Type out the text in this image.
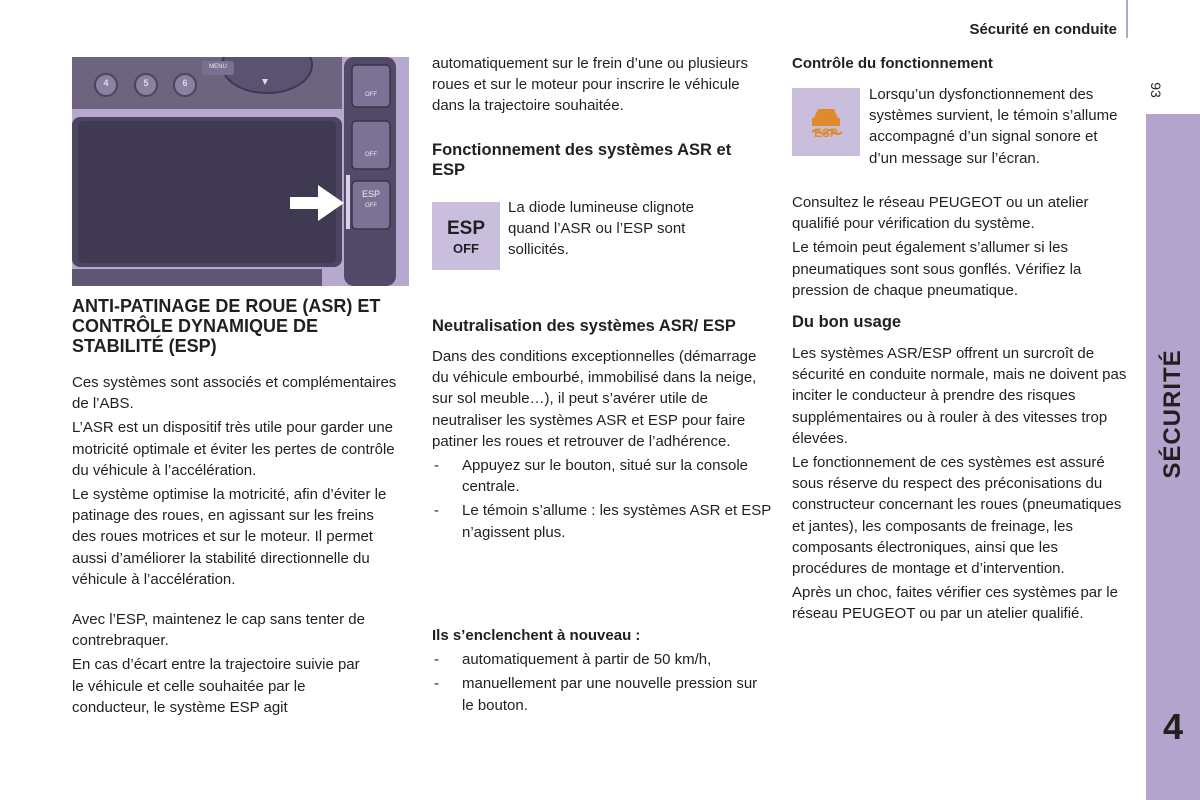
Sécurité en conduite
93
SÉCURITÉ
4
4	5	6
MENU
OFF
OFF
ESP
OFF
ANTI-PATINAGE DE ROUE (ASR) ET CONTRÔLE DYNAMIQUE DE STABILITÉ (ESP)

Ces systèmes sont associés et complémentaires de l’ABS.

L’ASR est un dispositif très utile pour garder une motricité optimale et éviter les pertes de contrôle du véhicule à l’accélération.

Le système optimise la motricité, afin d’éviter le patinage des roues, en agissant sur les freins des roues motrices et sur le moteur. Il permet aussi d’améliorer la stabilité directionnelle du véhicule à l’accélération.

Avec l’ESP, maintenez le cap sans tenter de contrebraquer.

En cas d’écart entre la trajectoire suivie par le véhicule et celle souhaitée par le conducteur, le système ESP agit

automatiquement sur le frein d’une ou plusieurs roues et sur le moteur pour inscrire le véhicule dans la trajectoire souhaitée.

Fonctionnement des systèmes ASR et ESP
ESP
OFF

La diode lumineuse clignote quand l’ASR ou l’ESP sont sollicités.

Neutralisation des systèmes ASR/ ESP

Dans des conditions exceptionnelles (démarrage du véhicule embourbé, immobilisé dans la neige, sur sol meuble…), il peut s’avérer utile de neutraliser les systèmes ASR et ESP pour faire patiner les roues et retrouver de l’adhérence.

- Appuyez sur le bouton, situé sur la console centrale.
- Le témoin s’allume : les systèmes ASR et ESP n’agissent plus.

Ils s’enclenchent à nouveau :

- automatiquement à partir de 50 km/h,
- manuellement par une nouvelle pression sur le bouton.
Contrôle du fonctionnement
ESP

Lorsqu’un dysfonctionnement des systèmes survient, le témoin s’allume accompagné d’un signal sonore et d’un message sur l’écran.

Consultez le réseau PEUGEOT ou un atelier qualifié pour vérification du système.

Le témoin peut également s’allumer si les pneumatiques sont sous gonflés. Vérifiez la pression de chaque pneumatique.

Du bon usage

Les systèmes ASR/ESP offrent un surcroît de sécurité en conduite normale, mais ne doivent pas inciter le conducteur à prendre des risques supplémentaires ou à rouler à des vitesses trop élevées.

Le fonctionnement de ces systèmes est assuré sous réserve du respect des préconisations du constructeur concernant les roues (pneumatiques et jantes), les composants de freinage, les composants électroniques, ainsi que les procédures de montage et d’intervention.

Après un choc, faites vérifier ces systèmes par le réseau PEUGEOT ou par un atelier qualifié.
